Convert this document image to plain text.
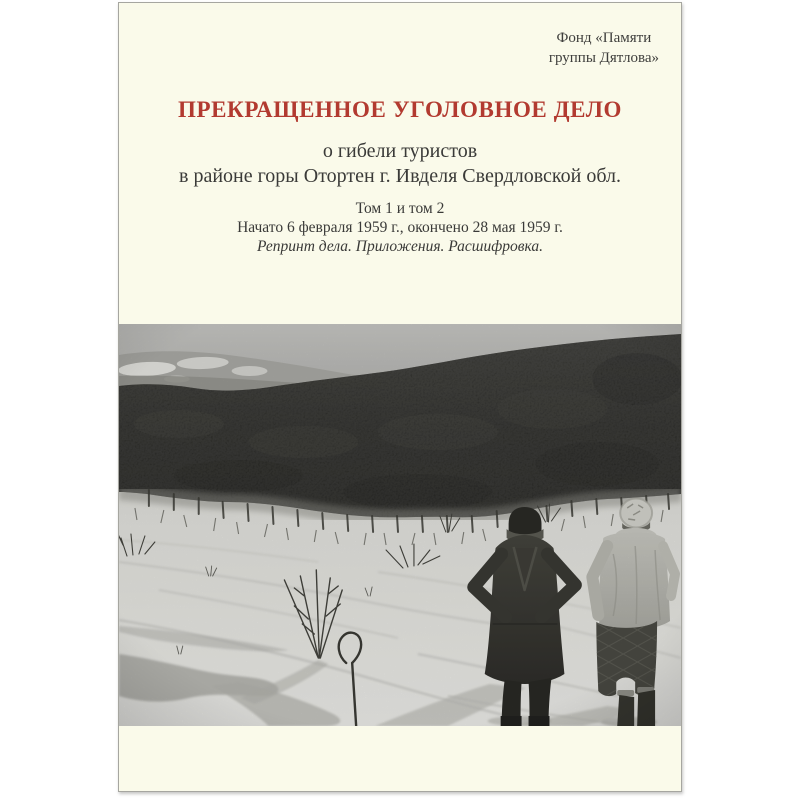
Фонд «Памяти
группы Дятлова»
ПРЕКРАЩЕННОЕ УГОЛОВНОЕ ДЕЛО
о гибели туристов
в районе горы Отортен г. Ивделя Свердловской обл.
Том 1 и том 2
Начато 6 февраля 1959 г., окончено 28 мая 1959 г.
Репринт дела. Приложения. Расшифровка.
